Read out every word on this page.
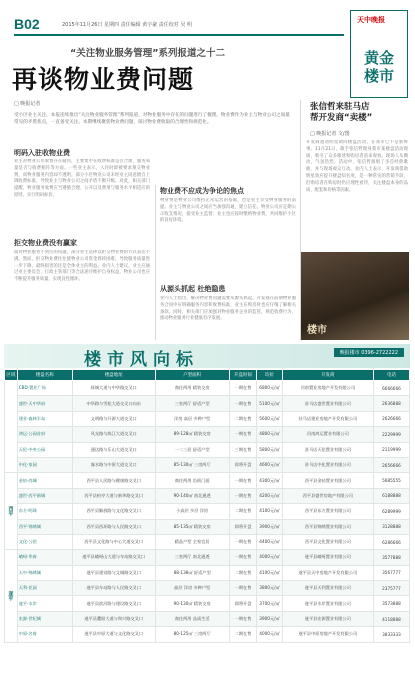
B02	2015年11月26日 星期四 责任编辑 黄宇豪 责任校对 吴 明
天中晚报
黄金
楼市
“关注物业服务管理”系列报道之十二
再谈物业费问题
□ 晚报记者
受小区业主关注、本报连续推出“关注物业服务管理”系列报道，对物业服务中存在的问题进行了梳理。物业费作为业主与物业公司之间最常见的矛盾焦点，一直备受关注。本期继续聚焦物业费问题，探讨物业费收取的合理性和规范化。
明码入驻收物业费
业主对物业公司收费存在疑问，主要集中在收费标准是否合理、服务质量是否与收费相符等方面。一些业主表示，入住时即被要求预交物业费，而物业服务内容却不透明。部分小区物业公司未经业主同意擅自上调收费标准，导致业主与物业公司之间矛盾不断升级。对此，相关部门提醒，物业服务收费应当遵循合理、公开以及费用与服务水平相适应的原则，实行明码标价。
拒交物业费没有赢家
面对物业服务不到位的问题，部分业主选择以拒交物业费的方式表达不满。然而，拒交物业费往往使物业公司资金周转困难，导致服务质量进一步下降，最终损害的还是全体业主的利益。业内人士建议，业主应通过业主委员会、行政主管部门等合法途径维护自身权益，物业公司也应不断提升服务质量，实现良性循环。
物业费不应成为争论的焦点
物业费是物业公司维持正常运营的基础，也是业主享受物业服务的前提。业主与物业公司之间应当加强沟通，建立信任。物业公司应定期公示收支情况，接受业主监督；业主也应按时缴纳物业费，共同维护小区的良好环境。
从源头抓起 杜绝隐患
业内人士指出，解决物业费问题需要从源头抓起。开发商在前期物业服务合同中应明确服务内容和收费标准，业主在购房时也应仔细了解相关条款。同时，相关部门应加强对物业服务企业的监管，规范收费行为，推动物业服务行业健康有序发展。
张信哲来驻马店
帮开发商“卖楼”
□ 晚报记者 文/图
开发商邀请明星助阵楼盘活动，在我市已不是新鲜事。11月21日，歌手张信哲现身我市某楼盘活动现场，吸引了众多歌迷和购房者前来观看。现场人头攒动，气氛热烈。活动中，张信哲演唱了多首经典歌曲，并与现场观众互动。业内人士表示，开发商借助明星效应提升楼盘知名度，是一种常见的营销手段，但购房者在购房时仍应理性看待，关注楼盘本身的品质、配套和价格等因素。
楼市
楼市风向标	晚报楼市 0396-2722222
区域	楼盘名称	楼盘地址	户型面积	开盘时间	均价	开发商	电话
	CBD·置业广场	驿城大道与中华路交叉口	商住两用 精装交房	一期在售	6800元/㎡	河南置业房地产开发有限公司	6666666
	盛世·天中华府	中华路与雪松大道交叉口向东	三室两厅 舒适户型	一期在售	5100元/㎡	驻马店盛世置业有限公司	2636888
	建业·森林半岛	文明路与开源大道交叉口	洋房 高层 多种户型	二期在售	5600元/㎡	驻马店建业房地产开发有限公司	2626666
	鸿运·公园首府	风光路与练江大道交叉口	89-128㎡ 精装交房	一期在售	4800元/㎡	河南鸿运置业有限公司	2229999
	天伦·中央公园	通达路与乐山大道交叉口	一二三居 舒适户型	三期在售	5800元/㎡	驻马店天伦置业有限公司	2119999
	中化·家园	溱水路与中原大道交叉口	85-130㎡ 三房两厅	即将开盘	4600元/㎡	驻马店中化置业有限公司	2656666
西平	金钻·尚城	西平县人民路与健康路交叉口	商住两用 沿街门面	一期在售	4300元/㎡	西平县金钻置业有限公司	5685555
	盛世·西平新城	西平县柏亭大道与新华路交叉口	90-140㎡ 南北通透	一期在售	4200元/㎡	西平县盛世房地产有限公司	6188888
	东方·明珠	西平县解放路与文化路交叉口	小高层 多层 洋房	二期在售	4100元/㎡	西平县东方置业有限公司	6289999
	西平·锦绣城	西平县西环路与人民路交叉口	85-135㎡ 精装交房	即将开盘	3900元/㎡	西平县锦绣置业有限公司	3128888
	文化·公馆	西平县文化路与中心大道交叉口	精品户型 全家宜居	一期在售	4400元/㎡	西平县文化置业有限公司	6286666
遂平	嵖岈·华府	遂平县嵖岈山大道与车站路交叉口	三室两厅 南北通透	一期在售	4000元/㎡	遂平县嵖岈置业有限公司	3577888
	天中·锦绣城	遂平县建设路与文城路交叉口	88-138㎡ 舒适户型	二期在售	4100元/㎡	遂平县天中房地产开发有限公司	3567777
	天利·花园	遂平县车站路与人民路交叉口	高层 洋房 多种户型	一期在售	3800元/㎡	遂平县天利置业有限公司	2375777
	遂平·水岸	遂平县滨河路与建设路交叉口	90-130㎡ 精装交房	即将开盘	3700元/㎡	遂平县水岸置业有限公司	3573888
	宏源·世纪城	遂平县灈阳大道与和兴路交叉口	商住两用 品质生活	一期在售	3900元/㎡	遂平县宏源置业有限公司	4118888
	中原·名府	遂平县中原大道与文化路交叉口	80-125㎡ 三房两厅	二期在售	4000元/㎡	遂平县中原房地产开发有限公司	3833333
